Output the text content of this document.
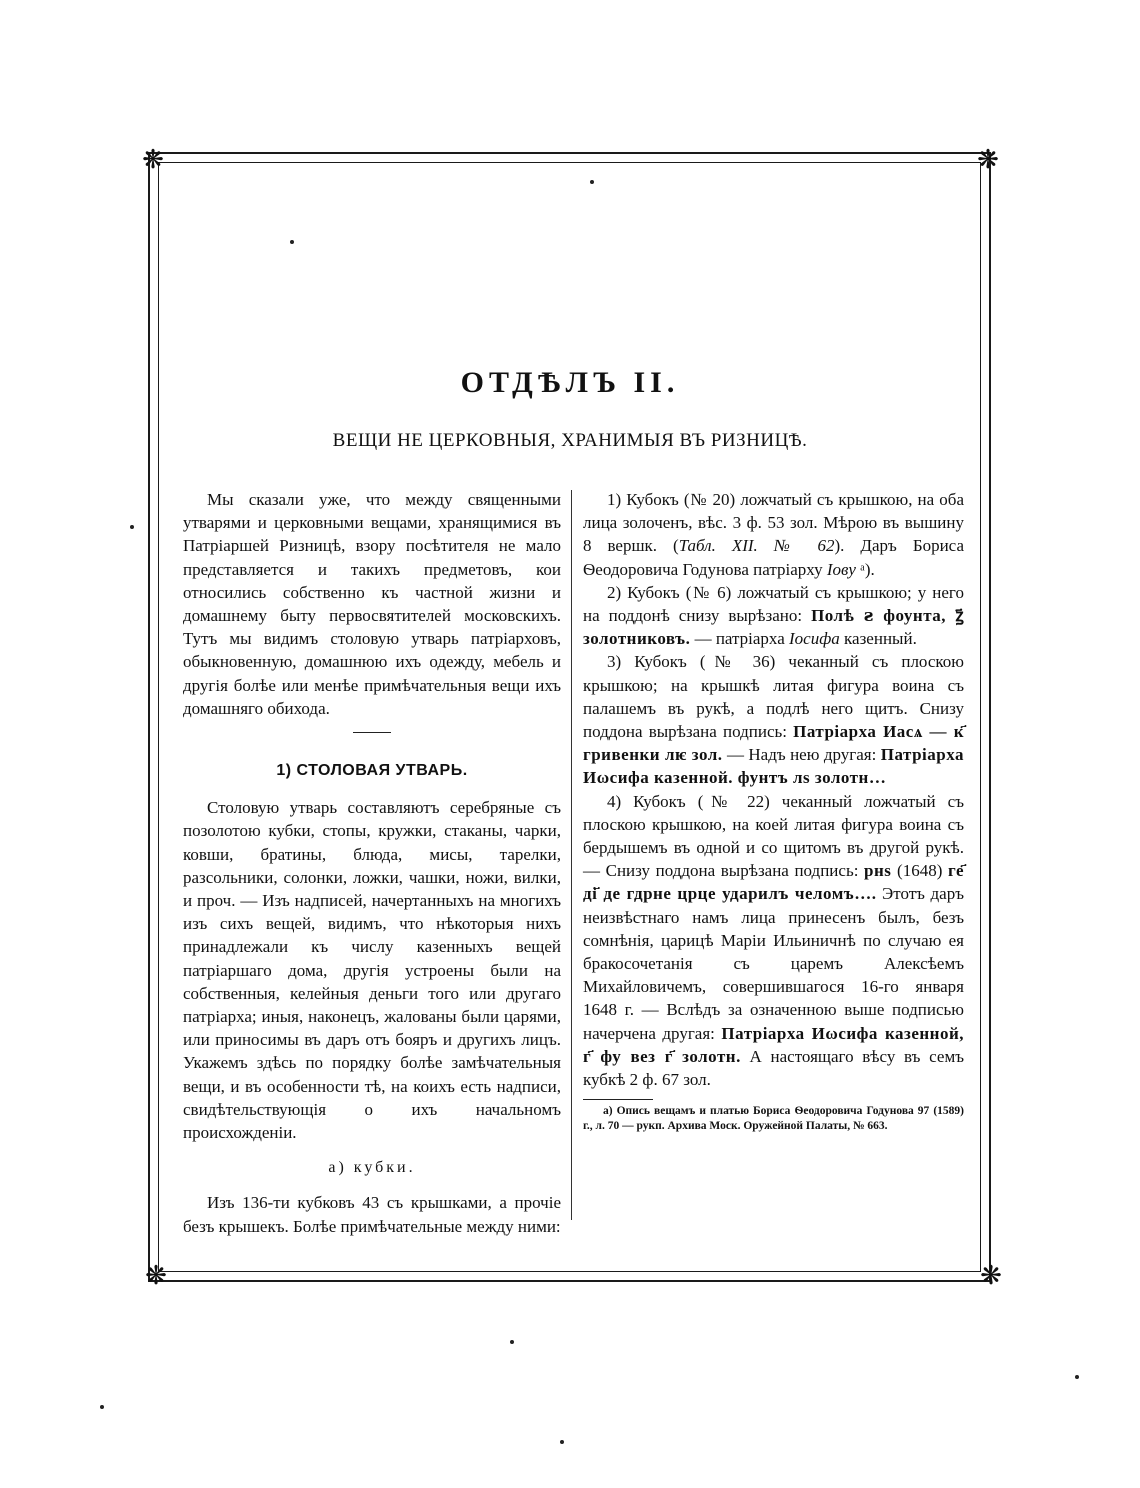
❋	❋
❋	❋
ОТДѢЛЪ II.
ВЕЩИ НЕ ЦЕРКОВНЫЯ, ХРАНИМЫЯ ВЪ РИЗНИЦѢ.

Мы сказали уже, что между священными утварями и церковными вещами, хранящимися въ Патріаршей Ризницѣ, взору посѣтителя не мало представляется и такихъ предметовъ, кои относились собственно къ частной жизни и домашнему быту первосвятителей московскихъ. Тутъ мы видимъ столовую утварь патріарховъ, обыкновенную, домашнюю ихъ одежду, мебель и другія болѣе или менѣе примѣчательныя вещи ихъ домашняго обихода.

1) СТОЛОВАЯ УТВАРЬ.

Столовую утварь составляютъ серебряные съ позолотою кубки, стопы, кружки, стаканы, чарки, ковши, братины, блюда, мисы, тарелки, разсольники, солонки, ложки, чашки, ножи, вилки, и проч. — Изъ надписей, начертанныхъ на многихъ изъ сихъ вещей, видимъ, что нѣкоторыя нихъ принадлежали къ числу казенныхъ вещей патріаршаго дома, другія устроены были на собственныя, келейныя деньги того или другаго патріарха; иныя, наконецъ, жалованы были царями, или приносимы въ даръ отъ бояръ и другихъ лицъ. Укажемъ здѣсь по порядку болѣе замѣчательныя вещи, и въ особенности тѣ, на коихъ есть надписи, свидѣтельствующія о ихъ начальномъ происхожденіи.

а) кубки.

Изъ 136-ти кубковъ 43 съ крышками, а прочіе безъ крышекъ. Болѣе примѣчательные между ними:

1) Кубокъ (№ 20) ложчатый съ крышкою, на оба лица золоченъ, вѣс. 3 ф. 53 зол. Мѣрою въ вышину 8 вершк. (Табл. XII. № 62). Даръ Бориса Ѳеодоровича Годунова патріарху Іову ᵃ).

2) Кубокъ (№ 6) ложчатый съ крышкою; у него на поддонѣ снизу вырѣзано: Полѣ ꙅ фоунта, ꙁ҃ золотниковъ. — патріарха Іосифа казенный.

3) Кубокъ (№ 36) чеканный съ плоскою крышкою; на крышкѣ литая фигура воина съ палашемъ въ рукѣ, а подлѣ него щитъ. Снизу поддона вырѣзана подпись: Патріарха Иасѧ — к҃ гривенки лѥ зол. — Надъ нею другая: Патріарха Иωсифа казенной. фунтъ лѕ золотн…

4) Кубокъ (№ 22) чеканный ложчатый съ плоскою крышкою, на коей литая фигура воина съ бердышемъ въ одной и со щитомъ въ другой рукѣ. — Снизу поддона вырѣзана подпись: рнѕ (1648) ге҃ ді҃ де гдрне црце ударилъ челомъ…. Этотъ даръ неизвѣстнаго намъ лица принесенъ былъ, безъ сомнѣнія, царицѣ Маріи Ильиничнѣ по случаю ея бракосочетанія съ царемъ Алексѣемъ Михайловичемъ, совершившагося 16-го января 1648 г. — Вслѣдъ за означенною выше подписью начерчена другая: Патріарха Иωсифа казенной, г҃ фу вез г҃ золотн. А настоящаго вѣсу въ семъ кубкѣ 2 ф. 67 зол.

a) Опись вещамъ и платью Бориса Ѳеодоровича Годунова 97 (1589) г., л. 70 — рукп. Архива Моск. Оружейной Палаты, № 663.
